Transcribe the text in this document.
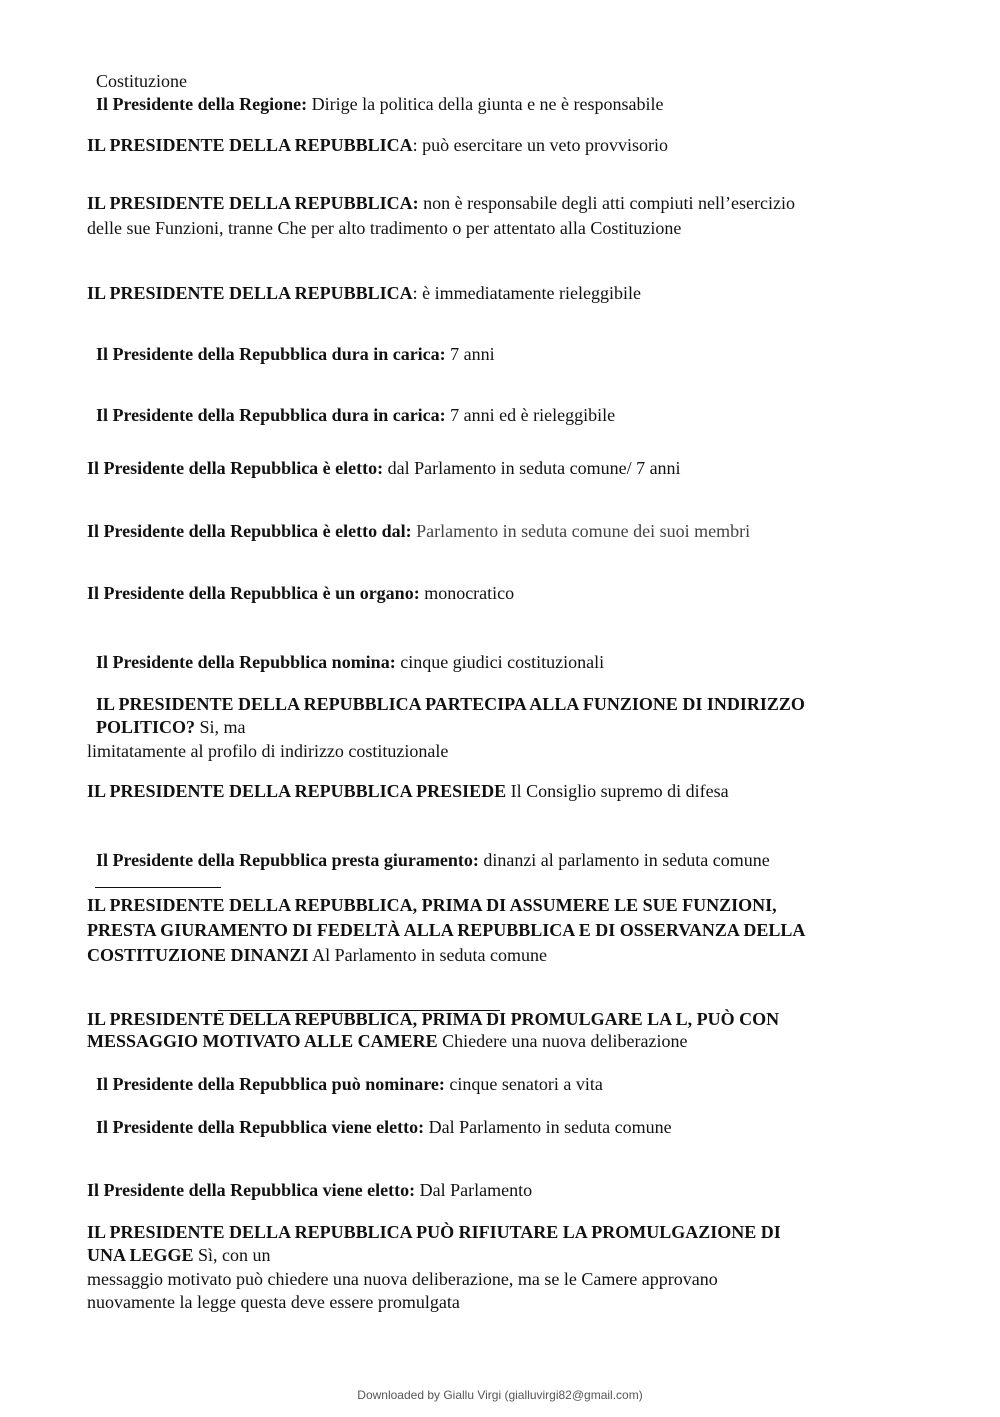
Costituzione
Il Presidente della Regione: Dirige la politica della giunta e ne è responsabile
IL PRESIDENTE DELLA REPUBBLICA: può esercitare un veto provvisorio
IL PRESIDENTE DELLA REPUBBLICA: non è responsabile degli atti compiuti nell’esercizio
delle sue Funzioni, tranne Che per alto tradimento o per attentato alla Costituzione
IL PRESIDENTE DELLA REPUBBLICA: è immediatamente rieleggibile
Il Presidente della Repubblica dura in carica: 7 anni
Il Presidente della Repubblica dura in carica: 7 anni ed è rieleggibile
Il Presidente della Repubblica è eletto: dal Parlamento in seduta comune/ 7 anni
Il Presidente della Repubblica è eletto dal: Parlamento in seduta comune dei suoi membri
Il Presidente della Repubblica è un organo: monocratico
Il Presidente della Repubblica nomina: cinque giudici costituzionali
IL PRESIDENTE DELLA REPUBBLICA PARTECIPA ALLA FUNZIONE DI INDIRIZZO
POLITICO? Si, ma
limitatamente al profilo di indirizzo costituzionale
IL PRESIDENTE DELLA REPUBBLICA PRESIEDE Il Consiglio supremo di difesa
Il Presidente della Repubblica presta giuramento: dinanzi al parlamento in seduta comune
IL PRESIDENTE DELLA REPUBBLICA, PRIMA DI ASSUMERE LE SUE FUNZIONI,
PRESTA GIURAMENTO DI FEDELTÀ ALLA REPUBBLICA E DI OSSERVANZA DELLA
COSTITUZIONE DINANZI Al Parlamento in seduta comune
IL PRESIDENTE DELLA REPUBBLICA, PRIMA DI PROMULGARE LA L, PUÒ CON
MESSAGGIO MOTIVATO ALLE CAMERE Chiedere una nuova deliberazione
Il Presidente della Repubblica può nominare: cinque senatori a vita
Il Presidente della Repubblica viene eletto: Dal Parlamento in seduta comune
Il Presidente della Repubblica viene eletto: Dal Parlamento
IL PRESIDENTE DELLA REPUBBLICA PUÒ RIFIUTARE LA PROMULGAZIONE DI
UNA LEGGE Sì, con un
messaggio motivato può chiedere una nuova deliberazione, ma se le Camere approvano
nuovamente la legge questa deve essere promulgata
Downloaded by Giallu Virgi (gialluvirgi82@gmail.com)
